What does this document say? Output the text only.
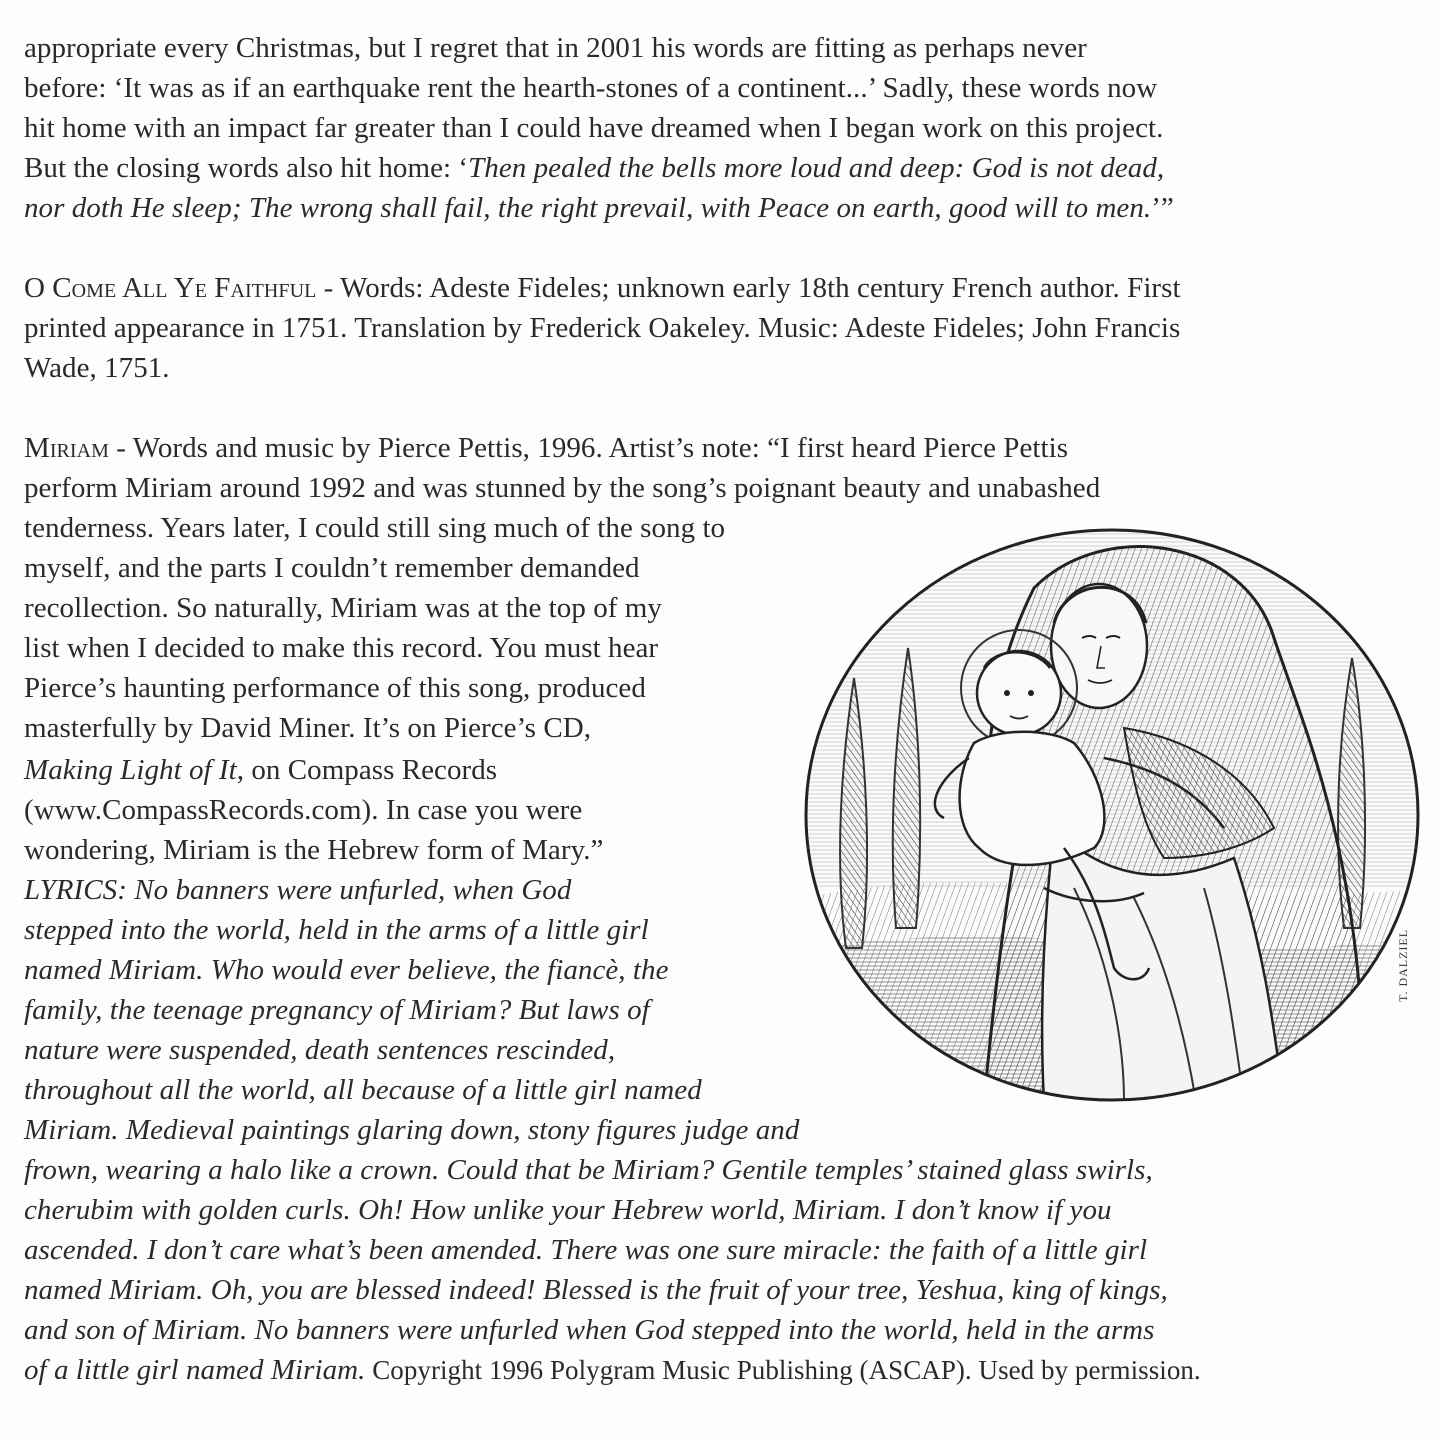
appropriate every Christmas, but I regret that in 2001 his words are fitting as perhaps never
before: ‘It was as if an earthquake rent the hearth-stones of a continent...’ Sadly, these words now
hit home with an impact far greater than I could have dreamed when I began work on this project.
But the closing words also hit home: ‘Then pealed the bells more loud and deep: God is not dead,
nor doth He sleep; The wrong shall fail, the right prevail, with Peace on earth, good will to men.’”
O Come All Ye Faithful - Words: Adeste Fideles; unknown early 18th century French author. First
printed appearance in 1751. Translation by Frederick Oakeley. Music: Adeste Fideles; John Francis
Wade, 1751.
Miriam - Words and music by Pierce Pettis, 1996. Artist’s note: “I first heard Pierce Pettis
perform Miriam around 1992 and was stunned by the song’s poignant beauty and unabashed
tenderness. Years later, I could still sing much of the song to
myself, and the parts I couldn’t remember demanded
recollection. So naturally, Miriam was at the top of my
list when I decided to make this record. You must hear
Pierce’s haunting performance of this song, produced
masterfully by David Miner. It’s on Pierce’s CD,
Making Light of It, on Compass Records
(www.CompassRecords.com). In case you were
wondering, Miriam is the Hebrew form of Mary.”
LYRICS: No banners were unfurled, when God
stepped into the world, held in the arms of a little girl
named Miriam. Who would ever believe, the fiancè, the
family, the teenage pregnancy of Miriam? But laws of
nature were suspended, death sentences rescinded,
throughout all the world, all because of a little girl named
Miriam. Medieval paintings glaring down, stony figures judge and
frown, wearing a halo like a crown. Could that be Miriam? Gentile temples’ stained glass swirls,
cherubim with golden curls. Oh! How unlike your Hebrew world, Miriam. I don’t know if you
ascended. I don’t care what’s been amended. There was one sure miracle: the faith of a little girl
named Miriam. Oh, you are blessed indeed! Blessed is the fruit of your tree, Yeshua, king of kings,
and son of Miriam. No banners were unfurled when God stepped into the world, held in the arms
of a little girl named Miriam. Copyright 1996 Polygram Music Publishing (ASCAP). Used by permission.
T. DALZIEL
